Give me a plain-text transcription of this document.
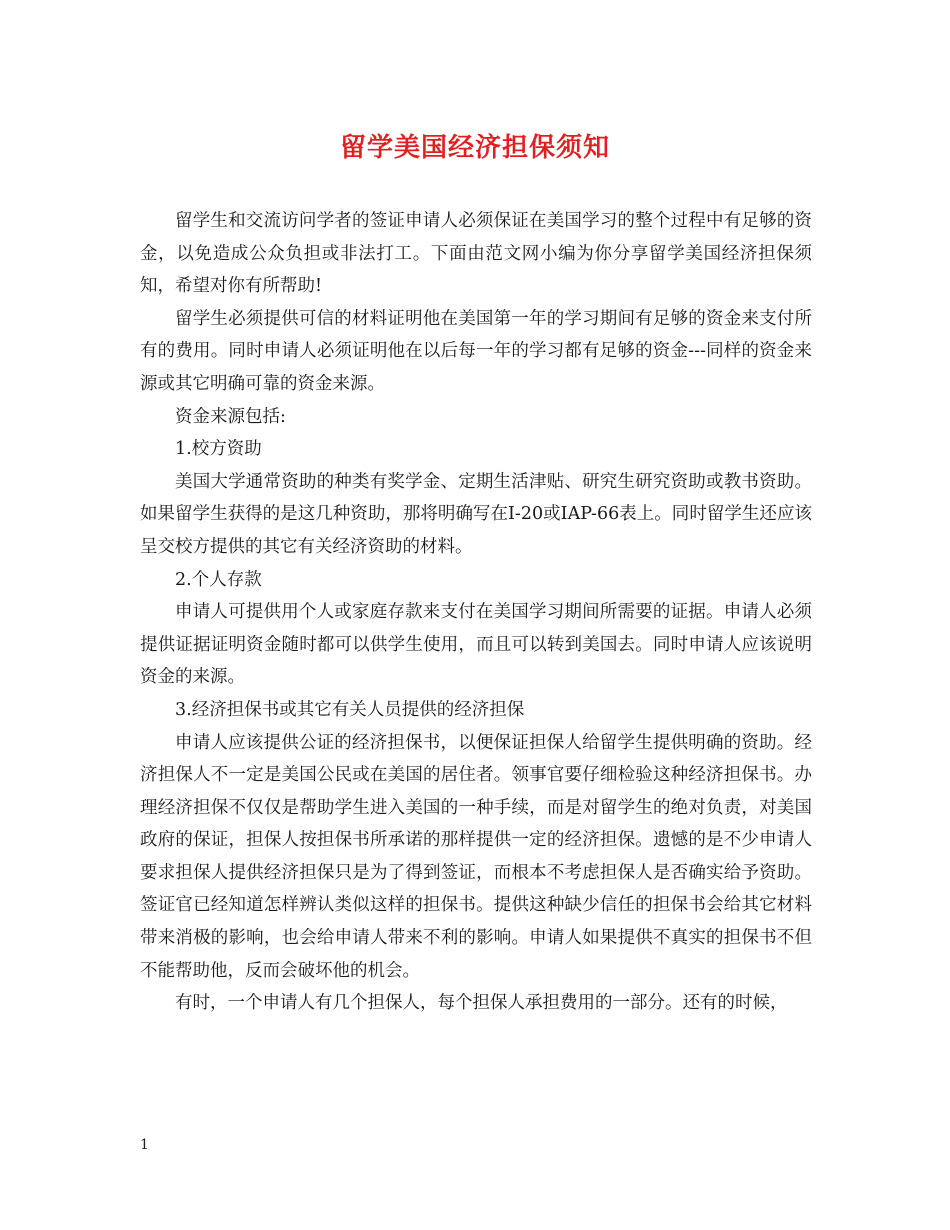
留学美国经济担保须知

留学生和交流访问学者的签证申请人必须保证在美国学习的整个过程中有足够的资金，以免造成公众负担或非法打工。下面由范文网小编为你分享留学美国经济担保须知，希望对你有所帮助!

留学生必须提供可信的材料证明他在美国第一年的学习期间有足够的资金来支付所有的费用。同时申请人必须证明他在以后每一年的学习都有足够的资金---同样的资金来源或其它明确可靠的资金来源。

资金来源包括:

1.校方资助

美国大学通常资助的种类有奖学金、定期生活津贴、研究生研究资助或教书资助。如果留学生获得的是这几种资助，那将明确写在I-20或IAP-66表上。同时留学生还应该呈交校方提供的其它有关经济资助的材料。

2.个人存款

申请人可提供用个人或家庭存款来支付在美国学习期间所需要的证据。申请人必须提供证据证明资金随时都可以供学生使用，而且可以转到美国去。同时申请人应该说明资金的来源。

3.经济担保书或其它有关人员提供的经济担保

申请人应该提供公证的经济担保书，以便保证担保人给留学生提供明确的资助。经济担保人不一定是美国公民或在美国的居住者。领事官要仔细检验这种经济担保书。办理经济担保不仅仅是帮助学生进入美国的一种手续，而是对留学生的绝对负责，对美国政府的保证，担保人按担保书所承诺的那样提供一定的经济担保。遗憾的是不少申请人要求担保人提供经济担保只是为了得到签证，而根本不考虑担保人是否确实给予资助。签证官已经知道怎样辨认类似这样的担保书。提供这种缺少信任的担保书会给其它材料带来消极的影响，也会给申请人带来不利的影响。申请人如果提供不真实的担保书不但不能帮助他，反而会破坏他的机会。

有时，一个申请人有几个担保人，每个担保人承担费用的一部分。还有的时候，

1
